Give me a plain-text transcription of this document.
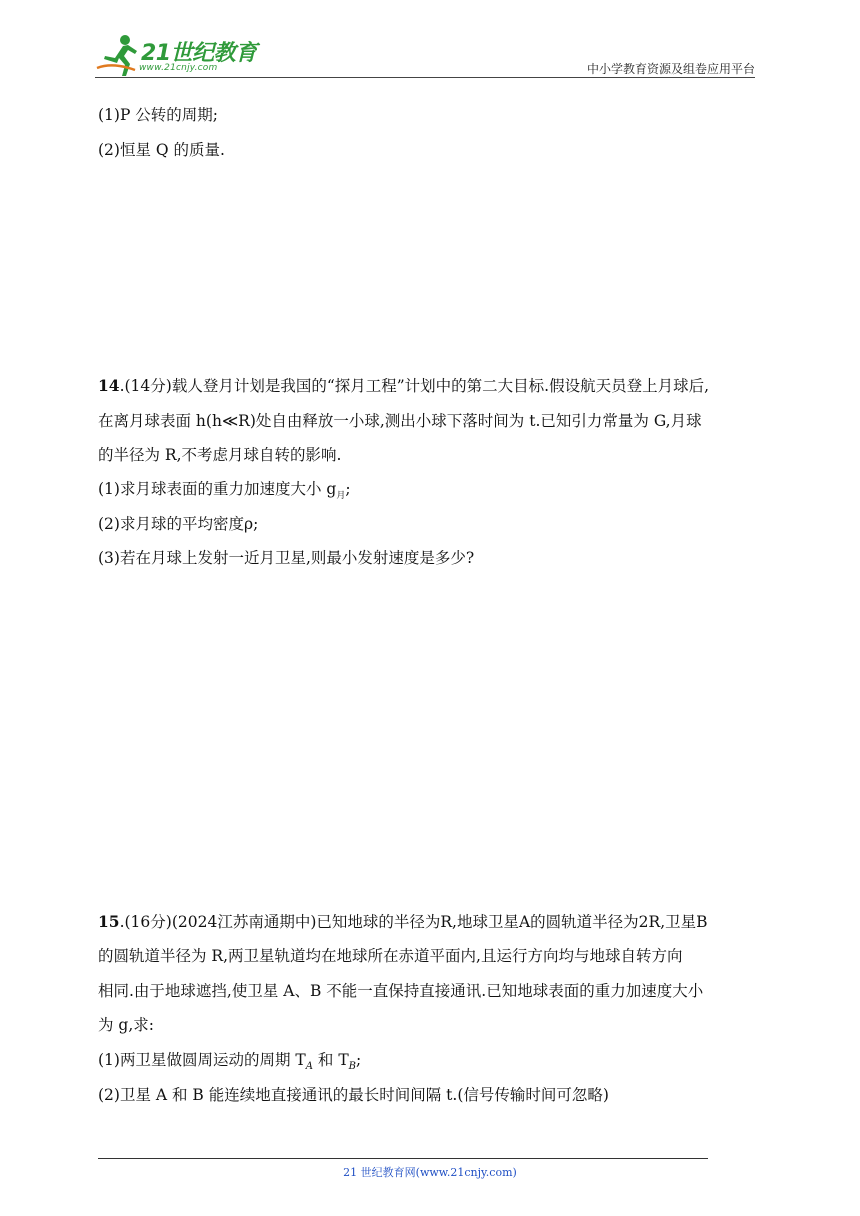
21世纪教育
www.21cnjy.com	中小学教育资源及组卷应用平台
(1)P 公转的周期;
(2)恒星 Q 的质量.
14.(14分)载人登月计划是我国的“探月工程”计划中的第二大目标.假设航天员登上月球后,
在离月球表面 h(h≪R)处自由释放一小球,测出小球下落时间为 t.已知引力常量为 G,月球
的半径为 R,不考虑月球自转的影响.
(1)求月球表面的重力加速度大小 $g_月$;
(2)求月球的平均密度ρ;
(3)若在月球上发射一近月卫星,则最小发射速度是多少?
15.(16分)(2024江苏南通期中)已知地球的半径为R,地球卫星A的圆轨道半径为2R,卫星B
的圆轨道半径为 R,两卫星轨道均在地球所在赤道平面内,且运行方向均与地球自转方向
相同.由于地球遮挡,使卫星 A、B 不能一直保持直接通讯.已知地球表面的重力加速度大小
为 g,求:
(1)两卫星做圆周运动的周期 $T_A$ 和 $T_B$;
(2)卫星 A 和 B 能连续地直接通讯的最长时间间隔 t.(信号传输时间可忽略)
21 世纪教育网(www.21cnjy.com)
